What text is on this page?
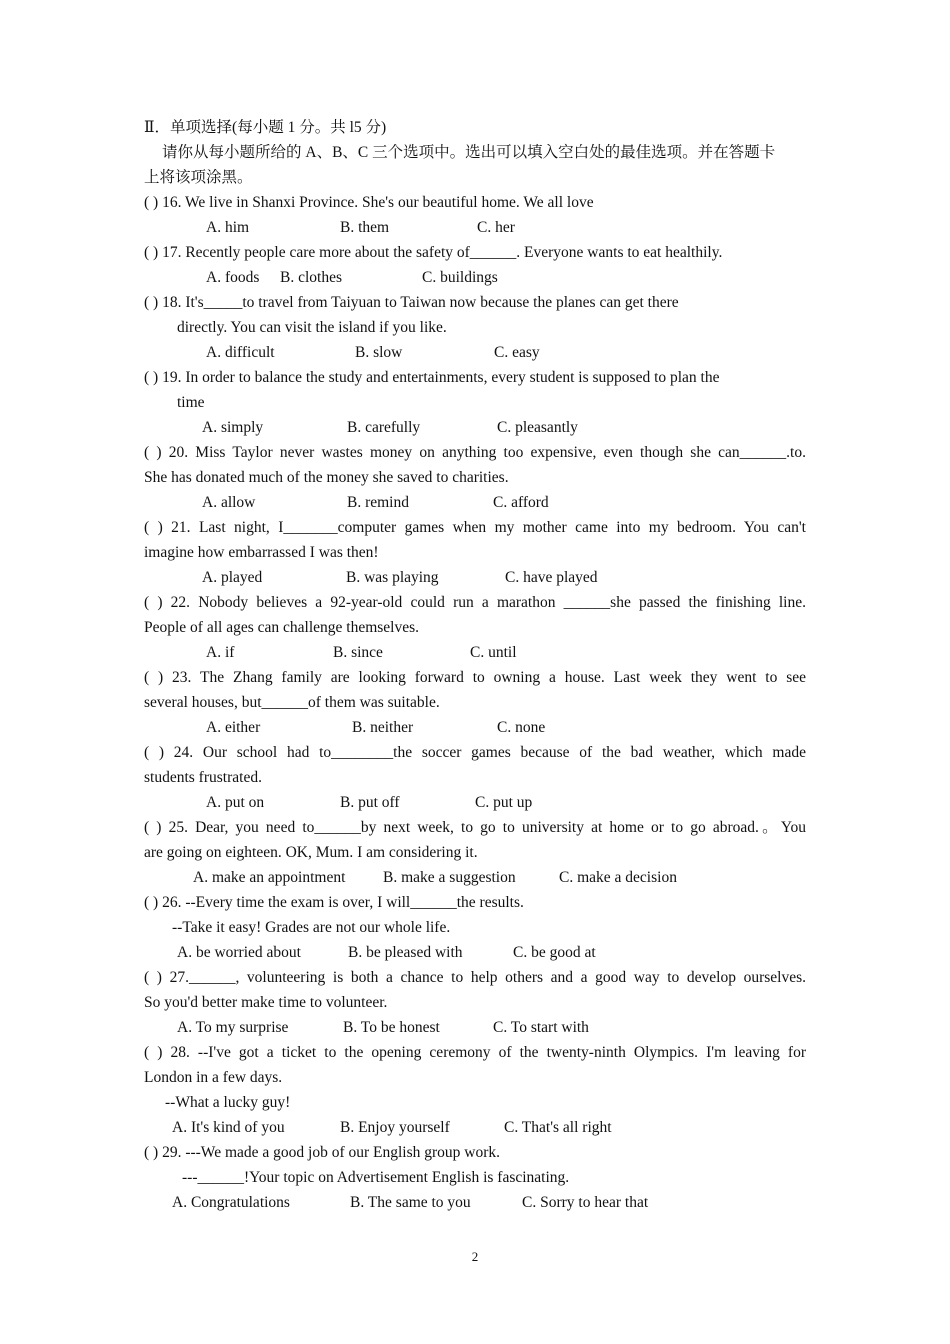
Ⅱ．单项选择(每小题 1 分。共 l5 分)
请你从每小题所给的 A、B、C 三个选项中。选出可以填入空白处的最佳选项。并在答题卡
上将该项涂黑。
( ) 16. We live in Shanxi Province. She's our beautiful home. We all love
A. him	B. them	C. her
( ) 17. Recently people care more about the safety of______. Everyone wants to eat healthily.
A. foods B. clothes	C. buildings
( ) 18. It's_____to travel from Taiyuan to Taiwan now because the planes can get there
directly. You can visit the island if you like.
A. difficult	B. slow	C. easy
( ) 19. In order to balance the study and entertainments, every student is supposed to plan the
time
A. simply	B. carefully	C. pleasantly
( ) 20. Miss Taylor never wastes money on anything too expensive, even though she can______.to.
She has donated much of the money she saved to charities.
A. allow	B. remind	C. afford
( ) 21. Last night, I_______computer games when my mother came into my bedroom. You can't
imagine how embarrassed I was then!
A. played	B. was playing	C. have played
( ) 22. Nobody believes a 92-year-old could run a marathon ______she passed the finishing line.
People of all ages can challenge themselves.
A. if	B. since	C. until
( ) 23. The Zhang family are looking forward to owning a house. Last week they went to see
several houses, but______of them was suitable.
A. either	B. neither	C. none
( ) 24. Our school had to________the soccer games because of the bad weather, which made
students frustrated.
A. put on	B. put off	C. put up
( ) 25. Dear, you need to______by next week, to go to university at home or to go abroad.。You
are going on eighteen. OK, Mum. I am considering it.
A. make an appointment B. make a suggestion	C. make a decision
( ) 26. --Every time the exam is over, I will______the results.
--Take it easy! Grades are not our whole life.
A. be worried about	B. be pleased with	C. be good at
( ) 27.______, volunteering is both a chance to help others and a good way to develop ourselves.
So you'd better make time to volunteer.
A. To my surprise	B. To be honest	C. To start with
( ) 28. --I've got a ticket to the opening ceremony of the twenty-ninth Olympics. I'm leaving for
London in a few days.
--What a lucky guy!
A. It's kind of you	B. Enjoy yourself	C. That's all right
( ) 29. ---We made a good job of our English group work.
---______!Your topic on Advertisement English is fascinating.
A. Congratulations	B. The same to you	C. Sorry to hear that
2
